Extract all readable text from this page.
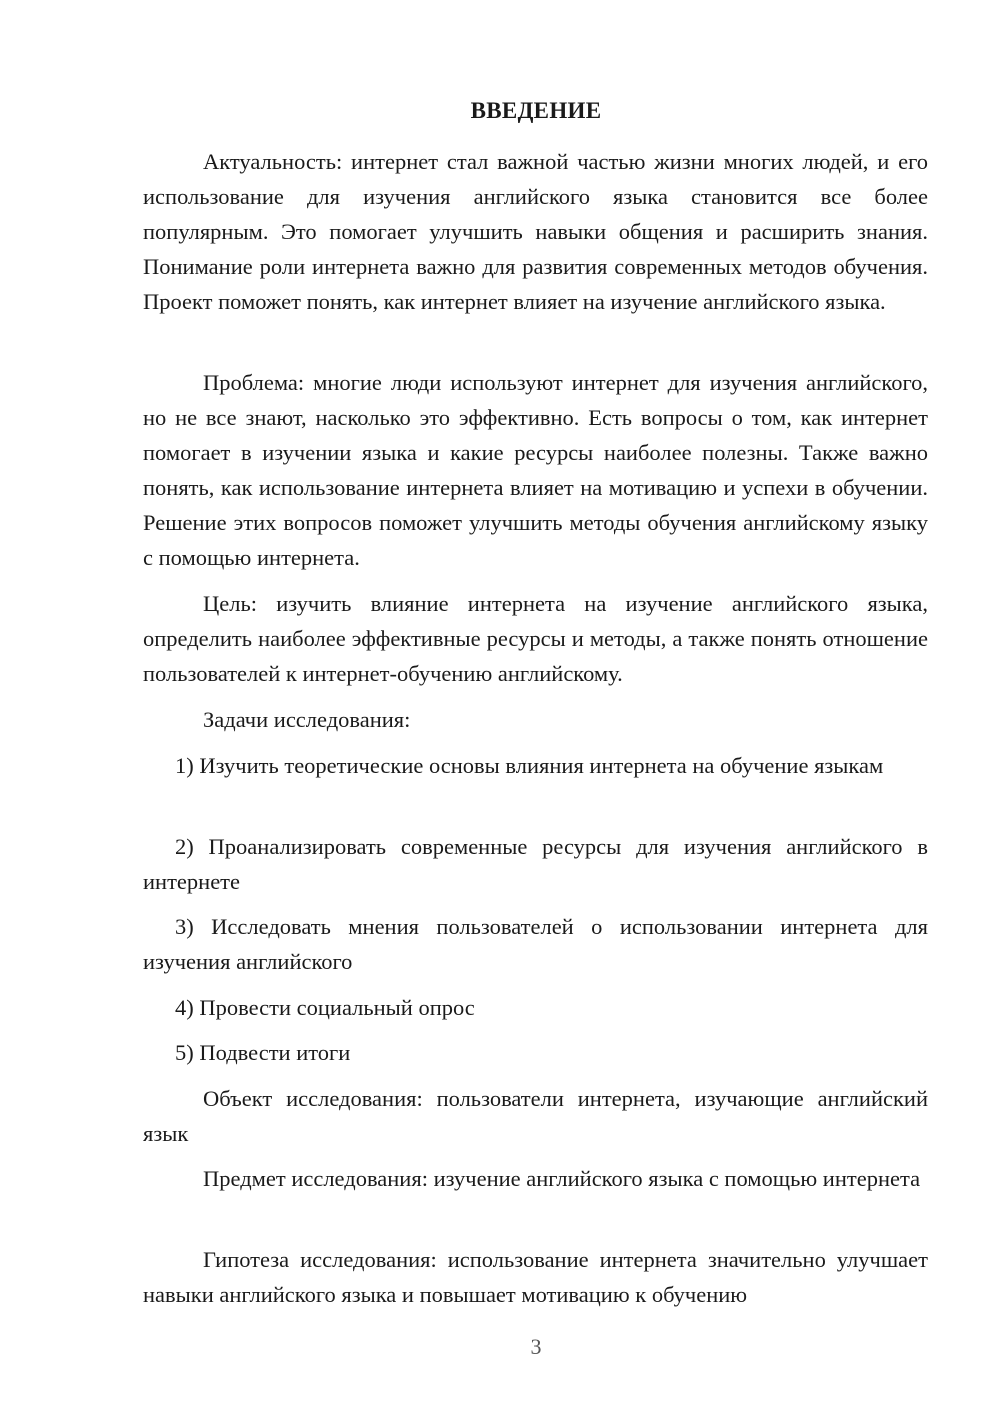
ВВЕДЕНИЕ

Актуальность: интернет стал важной частью жизни многих людей, и его использование для изучения английского языка становится все более популярным. Это помогает улучшить навыки общения и расширить знания. Понимание роли интернета важно для развития современных методов обучения. Проект поможет понять, как интернет влияет на изучение английского языка.

Проблема: многие люди используют интернет для изучения английского, но не все знают, насколько это эффективно. Есть вопросы о том, как интернет помогает в изучении языка и какие ресурсы наиболее полезны. Также важно понять, как использование интернета влияет на мотивацию и успехи в обучении. Решение этих вопросов поможет улучшить методы обучения английскому языку с помощью интернета.

Цель: изучить влияние интернета на изучение английского языка, определить наиболее эффективные ресурсы и методы, а также понять отношение пользователей к интернет-обучению английскому.

Задачи исследования:

1) Изучить теоретические основы влияния интернета на обучение языкам

2) Проанализировать современные ресурсы для изучения английского в интернете

3) Исследовать мнения пользователей о использовании интернета для изучения английского

4) Провести социальный опрос

5) Подвести итоги

Объект исследования: пользователи интернета, изучающие английский язык

Предмет исследования: изучение английского языка с помощью интернета

Гипотеза исследования: использование интернета значительно улучшает навыки английского языка и повышает мотивацию к обучению

3
